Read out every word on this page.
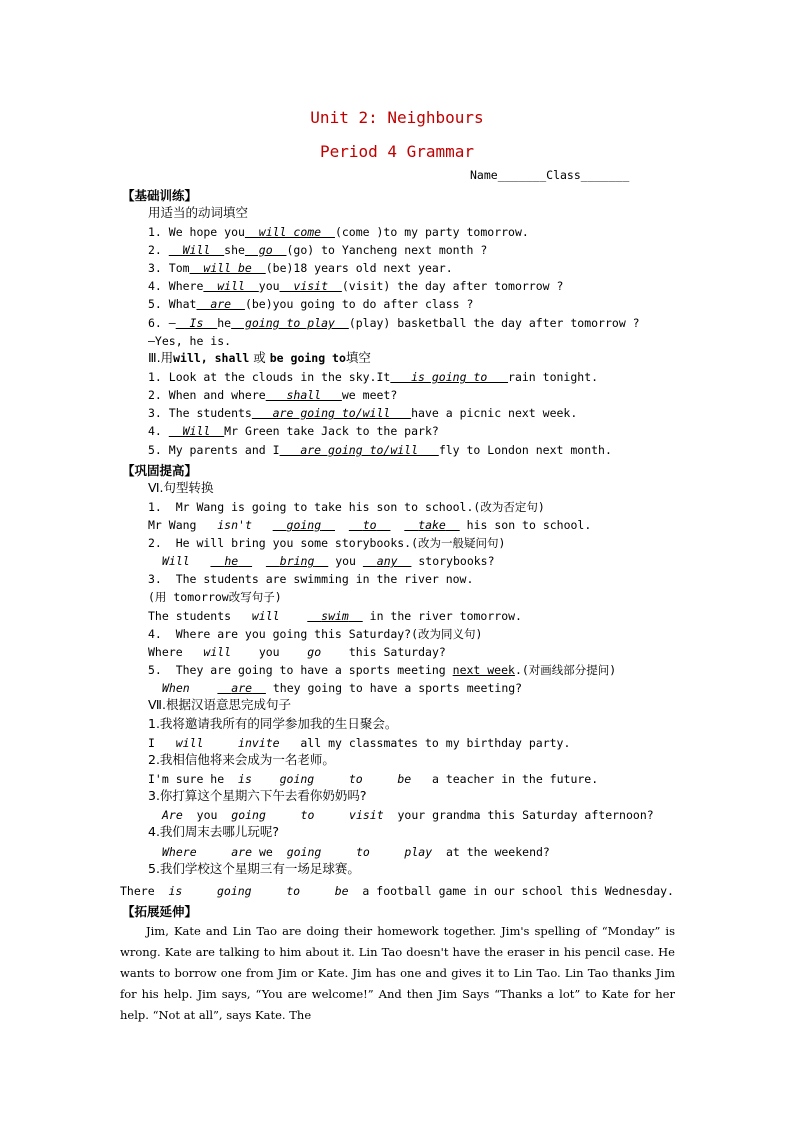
Unit 2: Neighbours
Period 4 Grammar
Name_______Class_______
【基础训练】
用适当的动词填空
1. We hope you  will come  (come )to my party tomorrow.
2.   Will  she  go  (go) to Yancheng next month ?
3. Tom  will be  (be)18 years old next year.
4. Where  will  you  visit  (visit) the day after tomorrow ?
5. What  are  (be)you going to do after class ?
6. —  Is  he  going to play  (play) basketball the day after tomorrow ?
—Yes, he is.
Ⅲ.用will, shall 或 be going to填空
1. Look at the clouds in the sky.It   is going to   rain tonight.
2. When and where   shall   we meet?
3. The students   are going to/will   have a picnic next week.
4.   Will  Mr Green take Jack to the park?
5. My parents and I   are going to/will   fly to London next month.
【巩固提高】
Ⅵ.句型转换
1.  Mr Wang is going to take his son to school.(改为否定句)
Mr Wang isn't	going	to	take his son to school.
2.  He will bring you some storybooks.(改为一般疑问句)
Will	he	bring you any storybooks?
3.  The students are swimming in the river now.
(用 tomorrow改写句子)
The students will	swim in the river tomorrow.
4.  Where are you going this Saturday?(改为同义句)
Where will you go this Saturday?
5.  They are going to have a sports meeting next week.(对画线部分提问)
When	are they going to have a sports meeting?
Ⅶ.根据汉语意思完成句子
1.我将邀请我所有的同学参加我的生日聚会。
I will	invite all my classmates to my birthday party.
2.我相信他将来会成为一名老师。
I'm sure he is going	to	be a teacher in the future.
3.你打算这个星期六下午去看你奶奶吗?
Are you going	to	visit your grandma this Saturday afternoon?
4.我们周末去哪儿玩呢?
Where	are we going	to	play at the weekend?
5.我们学校这个星期三有一场足球赛。
There is	going	to	be a football game in our school this Wednesday.
【拓展延伸】
Jim, Kate and Lin Tao are doing their homework together. Jim's spelling of “Monday” is wrong. Kate are talking to him about it. Lin Tao doesn't have the eraser in his pencil case. He wants to borrow one from Jim or Kate. Jim has one and gives it to Lin Tao. Lin Tao thanks Jim for his help. Jim says, “You are welcome!” And then Jim Says “Thanks a lot” to Kate for her help. “Not at all”, says Kate. The
